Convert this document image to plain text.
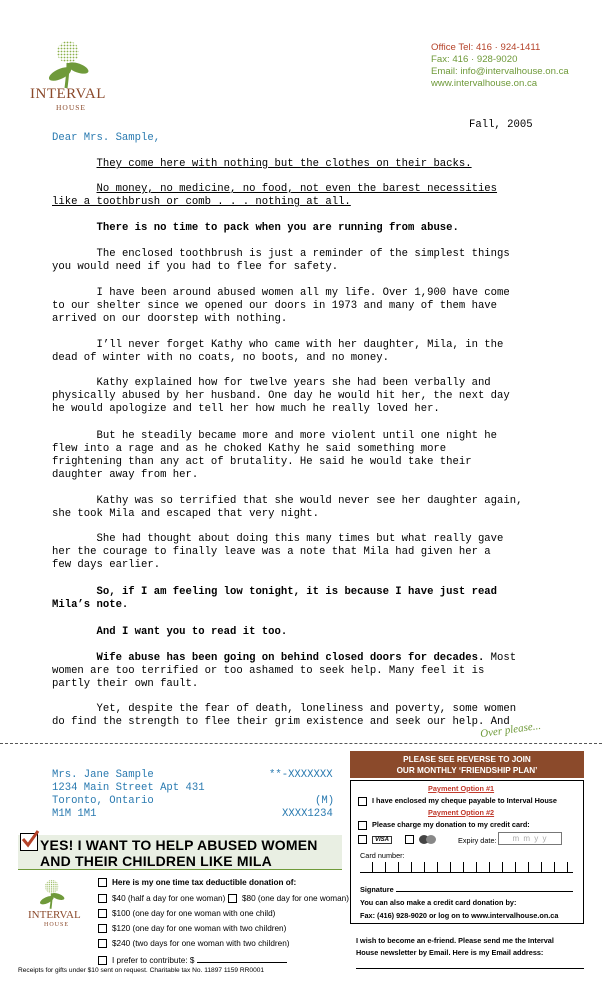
INTERVAL
HOUSE
Office Tel: 416 · 924-1411
Fax: 416 · 928-9020
Email: info@intervalhouse.on.ca
www.intervalhouse.on.ca
Fall, 2005
Dear Mrs. Sample,
They come here with nothing but the clothes on their backs.
No money, no medicine, no food, not even the barest necessities
like a toothbrush or comb . . . nothing at all.
There is no time to pack when you are running from abuse.
The enclosed toothbrush is just a reminder of the simplest things
you would need if you had to flee for safety.
I have been around abused women all my life. Over 1,900 have come
to our shelter since we opened our doors in 1973 and many of them have
arrived on our doorstep with nothing.
I’ll never forget Kathy who came with her daughter, Mila, in the
dead of winter with no coats, no boots, and no money.
Kathy explained how for twelve years she had been verbally and
physically abused by her husband. One day he would hit her, the next day
he would apologize and tell her how much he really loved her.
But he steadily became more and more violent until one night he
flew into a rage and as he choked Kathy he said something more
frightening than any act of brutality. He said he would take their
daughter away from her.
Kathy was so terrified that she would never see her daughter again,
she took Mila and escaped that very night.
She had thought about doing this many times but what really gave
her the courage to finally leave was a note that Mila had given her a
few days earlier.
So, if I am feeling low tonight, it is because I have just read
Mila’s note.
And I want you to read it too.
Wife abuse has been going on behind closed doors for decades. Most
women are too terrified or too ashamed to seek help. Many feel it is
partly their own fault.
Yet, despite the fear of death, loneliness and poverty, some women
do find the strength to flee their grim existence and seek our help. And
Over please...
Mrs. Jane Sample	**-XXXXXXX
1234 Main Street Apt 431
Toronto, Ontario	(M)
M1M 1M1	XXXX1234
YES! I WANT TO HELP ABUSED WOMEN
AND THEIR CHILDREN LIKE MILA
INTERVAL
HOUSE
Here is my one time tax deductible donation of:
$40 (half a day for one woman)	$80 (one day for one woman)
$100 (one day for one woman with one child)
$120 (one day for one woman with two children)
$240 (two days for one woman with two children)
I prefer to contribute: $
Receipts for gifts under $10 sent on request. Charitable tax No. 11897 1159 RR0001
PLEASE SEE REVERSE TO JOIN
OUR MONTHLY ‘FRIENDSHIP PLAN’
Payment Option #1
I have enclosed my cheque payable to Interval House
Payment Option #2
Please charge my donation to my credit card:
VISA	Expiry date:	m m y y
Card number:
Signature
You can also make a credit card donation by:
Fax: (416) 928-9020 or log on to www.intervalhouse.on.ca
I wish to become an e-friend. Please send me the Interval
House newsletter by Email. Here is my Email address:
